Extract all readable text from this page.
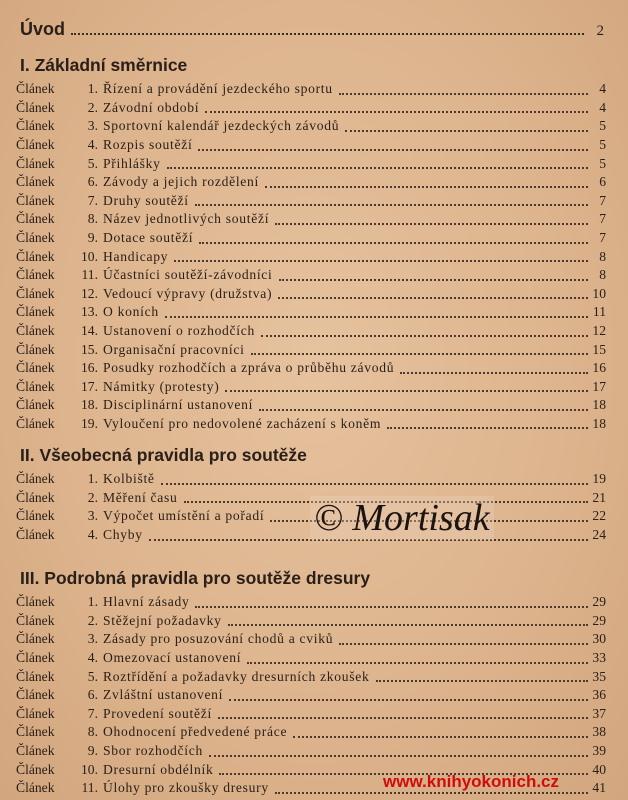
Úvod	2
I. Základní směrnice
Článek	1. Řízení a provádění jezdeckého sportu	4
Článek	2. Závodní období	4
Článek	3. Sportovní kalendář jezdeckých závodů	5
Článek	4. Rozpis soutěží	5
Článek	5. Přihlášky	5
Článek	6. Závody a jejich rozdělení	6
Článek	7. Druhy soutěží	7
Článek	8. Název jednotlivých soutěží	7
Článek	9. Dotace soutěží	7
Článek	10. Handicapy	8
Článek	11. Účastníci soutěží-závodníci	8
Článek	12. Vedoucí výpravy (družstva)	10
Článek	13. O koních	11
Článek	14. Ustanovení o rozhodčích	12
Článek	15. Organisační pracovníci	15
Článek	16. Posudky rozhodčích a zpráva o průběhu závodů	16
Článek	17. Námitky (protesty)	17
Článek	18. Disciplinární ustanovení	18
Článek	19. Vyloučení pro nedovolené zacházení s koněm	18
II. Všeobecná pravidla pro soutěže
Článek	1. Kolbiště	19
Článek	2. Měření času	21
Článek	3. Výpočet umístění a pořadí	22
Článek	4. Chyby	24
III. Podrobná pravidla pro soutěže dresury
Článek	1. Hlavní zásady	29
Článek	2. Stěžejní požadavky	29
Článek	3. Zásady pro posuzování chodů a cviků	30
Článek	4. Omezovací ustanovení	33
Článek	5. Roztřídění a požadavky dresurních zkoušek	35
Článek	6. Zvláštní ustanovení	36
Článek	7. Provedení soutěží	37
Článek	8. Ohodnocení předvedené práce	38
Článek	9. Sbor rozhodčích	39
Článek	10. Dresurní obdélník	40
Článek	11. Úlohy pro zkoušky dresury	41
© Mortisak
www.knihyokonich.cz
